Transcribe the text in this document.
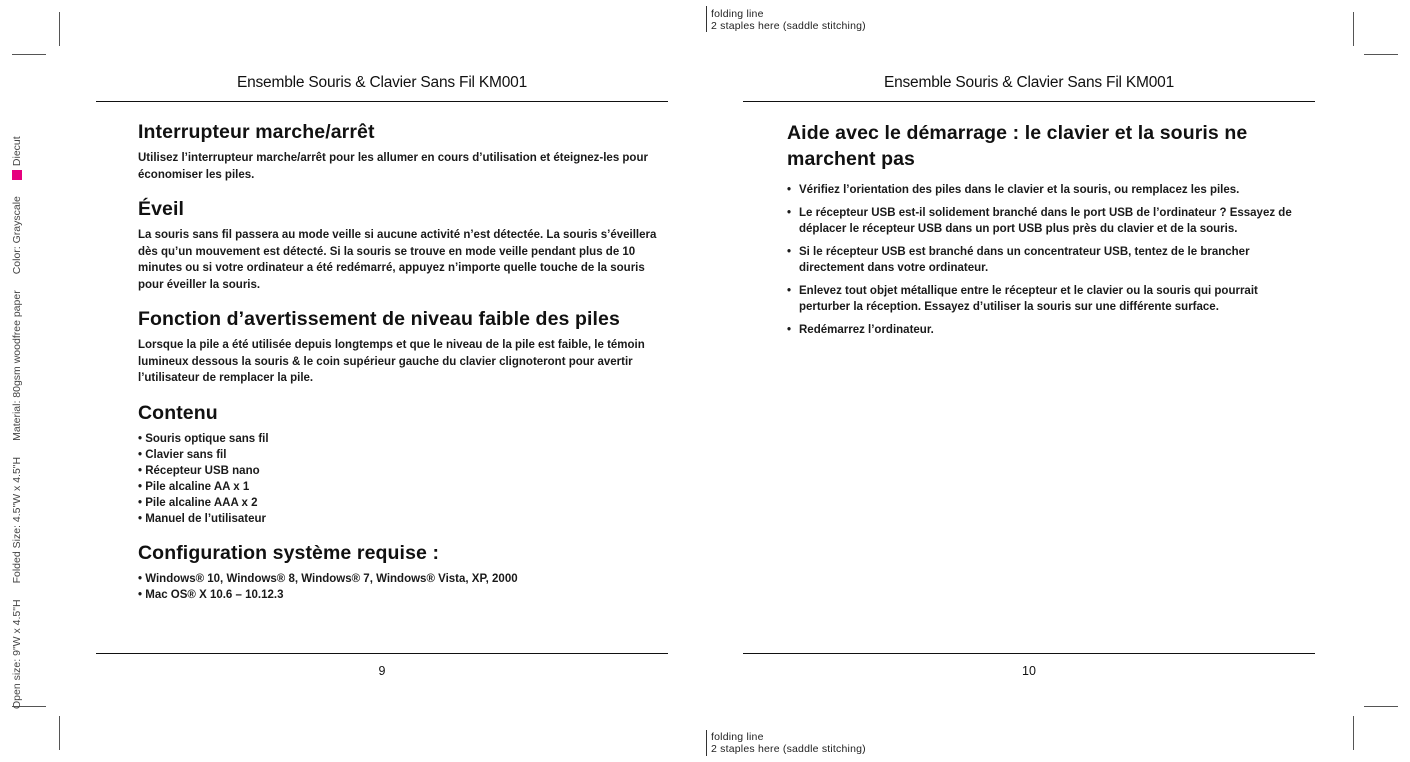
folding line
2 staples here (saddle stitching)
folding line
2 staples here (saddle stitching)
Open size: 9"W x 4.5"H
Folded Size: 4.5"W x 4.5"H
Material: 80gsm woodfree paper
Color: Grayscale
Diecut
Ensemble Souris & Clavier Sans Fil KM001
Interrupteur marche/arrêt

Utilisez l’interrupteur marche/arrêt pour les allumer en cours d’utilisation et éteignez-les pour économiser les piles.

Éveil

La souris sans fil passera au mode veille si aucune activité n’est détectée. La souris s’éveillera dès qu’un mouvement est détecté. Si la souris se trouve en mode veille pendant plus de 10 minutes ou si votre ordinateur a été redémarré, appuyez n’importe quelle touche de la souris pour éveiller la souris.

Fonction d’avertissement de niveau faible des piles

Lorsque la pile a été utilisée depuis longtemps et que le niveau de la pile est faible, le témoin lumineux dessous la souris & le coin supérieur gauche du clavier clignoteront pour avertir l’utilisateur de remplacer la pile.

Contenu
• Souris optique sans fil
• Clavier sans fil
• Récepteur USB nano
• Pile alcaline AA x 1
• Pile alcaline AAA x 2
• Manuel de l’utilisateur
Configuration système requise :
• Windows® 10, Windows® 8, Windows® 7, Windows® Vista, XP, 2000
• Mac OS® X 10.6 – 10.12.3
9
Ensemble Souris & Clavier Sans Fil KM001
Aide avec le démarrage : le clavier et la souris ne marchent pas
• Vérifiez l’orientation des piles dans le clavier et la souris, ou remplacez les piles.
• Le récepteur USB est-il solidement branché dans le port USB de l’ordinateur ? Essayez de déplacer le récepteur USB dans un port USB plus près du clavier et de la souris.
• Si le récepteur USB est branché dans un concentrateur USB, tentez de le brancher directement dans votre ordinateur.
• Enlevez tout objet métallique entre le récepteur et le clavier ou la souris qui pourrait perturber la réception. Essayez d’utiliser la souris sur une différente surface.
• Redémarrez l’ordinateur.
10
